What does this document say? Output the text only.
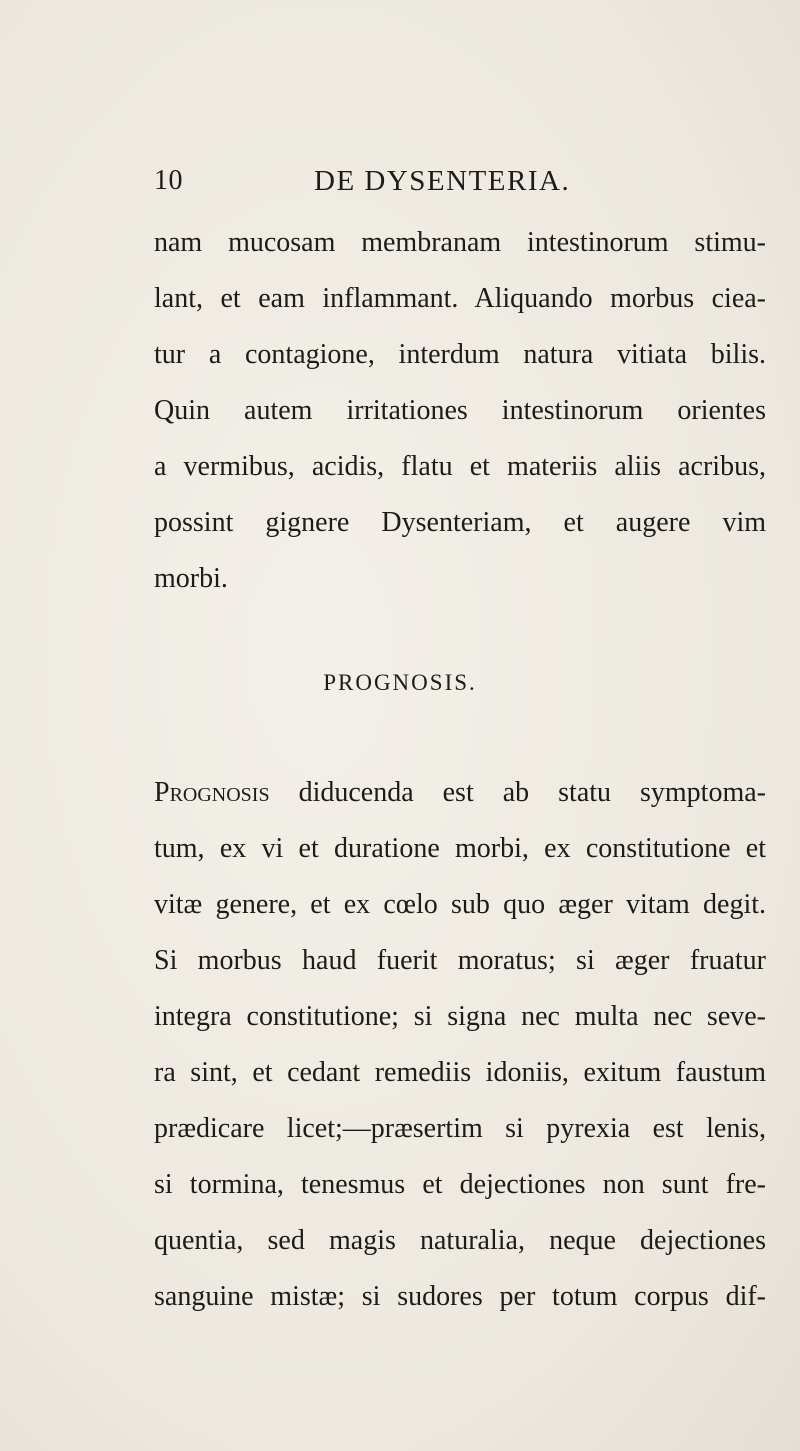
10	DE DYSENTERIA.
nam mucosam membranam intestinorum stimu-
lant, et eam inflammant. Aliquando morbus ciea-
tur a contagione, interdum natura vitiata bilis.
Quin autem irritationes intestinorum orientes
a vermibus, acidis, flatu et materiis aliis acribus,
possint gignere Dysenteriam, et augere vim
morbi.
PROGNOSIS.
Prognosis diducenda est ab statu symptoma-
tum, ex vi et duratione morbi, ex constitutione et
vitæ genere, et ex cœlo sub quo æger vitam degit.
Si morbus haud fuerit moratus; si æger fruatur
integra constitutione; si signa nec multa nec seve-
ra sint, et cedant remediis idoniis, exitum faustum
prædicare licet;—præsertim si pyrexia est lenis,
si tormina, tenesmus et dejectiones non sunt fre-
quentia, sed magis naturalia, neque dejectiones
sanguine mistæ; si sudores per totum corpus dif-
